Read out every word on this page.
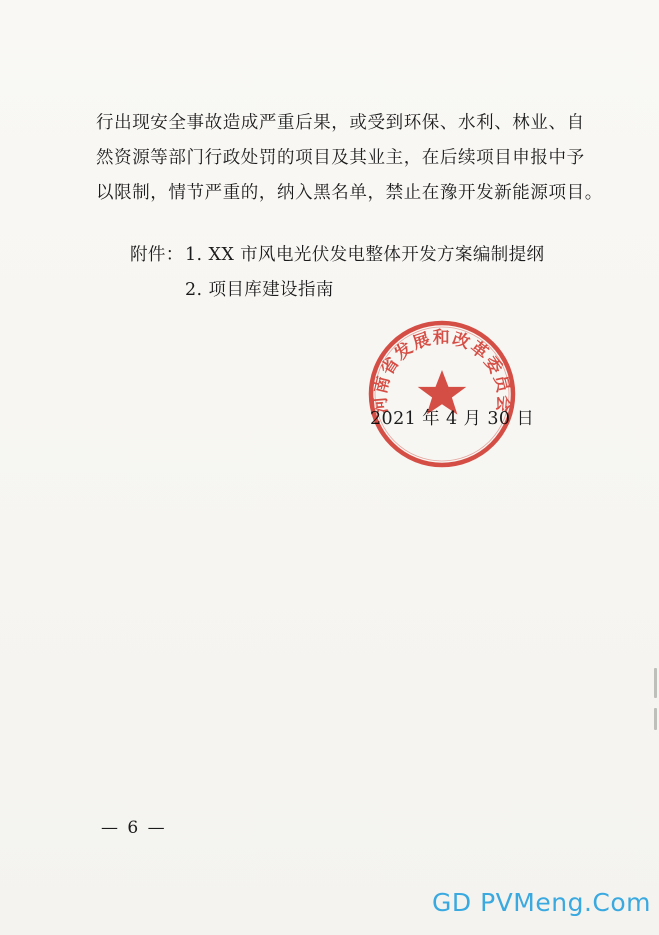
行出现安全事故造成严重后果，或受到环保、水利、林业、自
然资源等部门行政处罚的项目及其业主，在后续项目申报中予
以限制，情节严重的，纳入黑名单，禁止在豫开发新能源项目。
附件： 1. XX 市风电光伏发电整体开发方案编制提纲
2. 项目库建设指南
2021 年 4 月 30 日
河南省发展和改革委员会
— 6 —
GD PVMeng.Com
